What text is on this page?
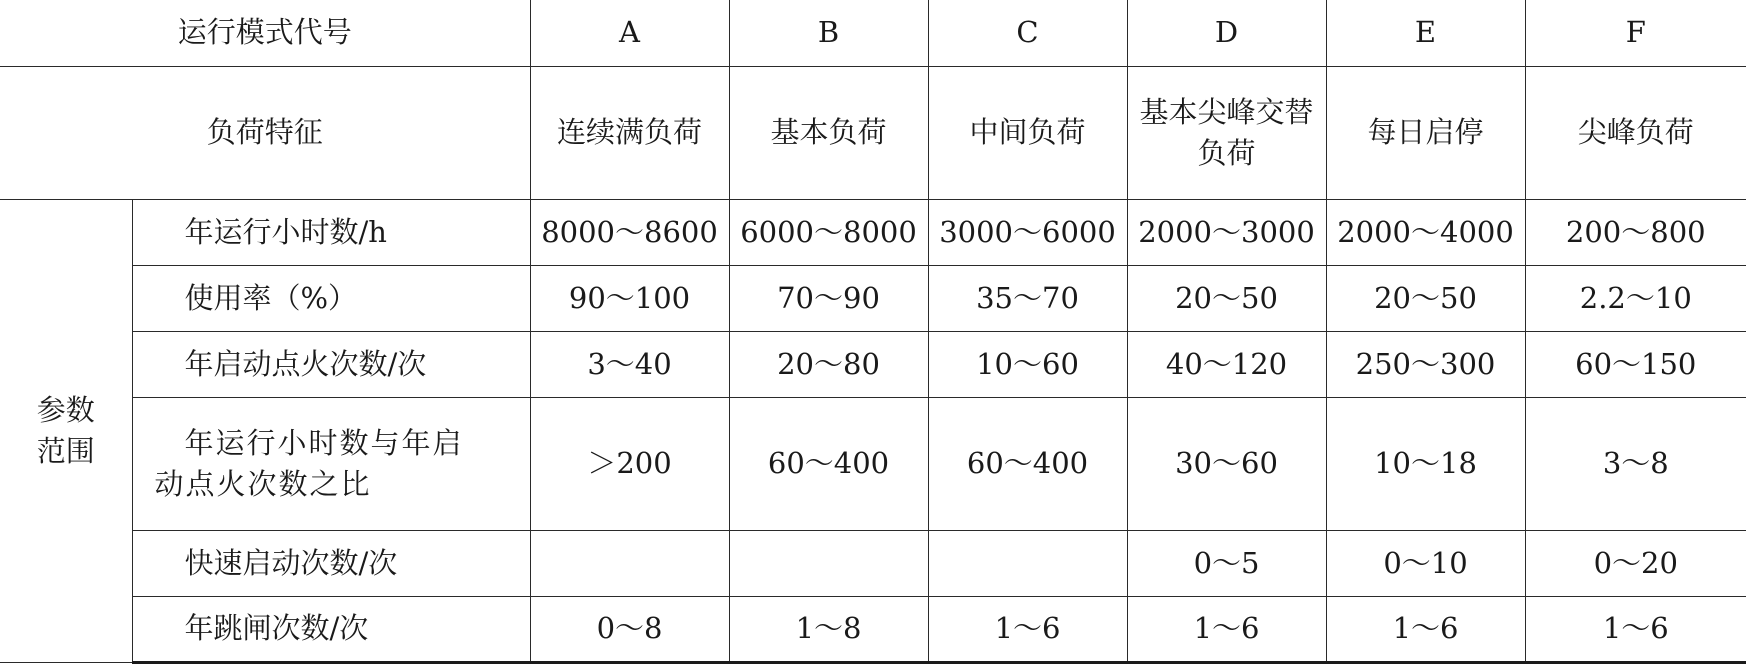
运行模式代号		A	B	C	D	E	F
负荷特征		连续满负荷	基本负荷	中间负荷	基本尖峰交替负荷	每日启停	尖峰负荷

参数
范围	年运行小时数/h	8000～8600	6000～8000	3000～6000	2000～3000	2000～4000	200～800
	使用率（%）	90～100	70～90	35～70	20～50	20～50	2.2～10
	年启动点火次数/次	3～40	20～80	10～60	40～120	250～300	60～150

	年运行小时数与年启
动点火次数之比	＞200	60～400	60～400	30～60	10～18	3～8
	快速启动次数/次				0～5	0～10	0～20
	年跳闸次数/次	0～8	1～8	1～6	1～6	1～6	1～6
